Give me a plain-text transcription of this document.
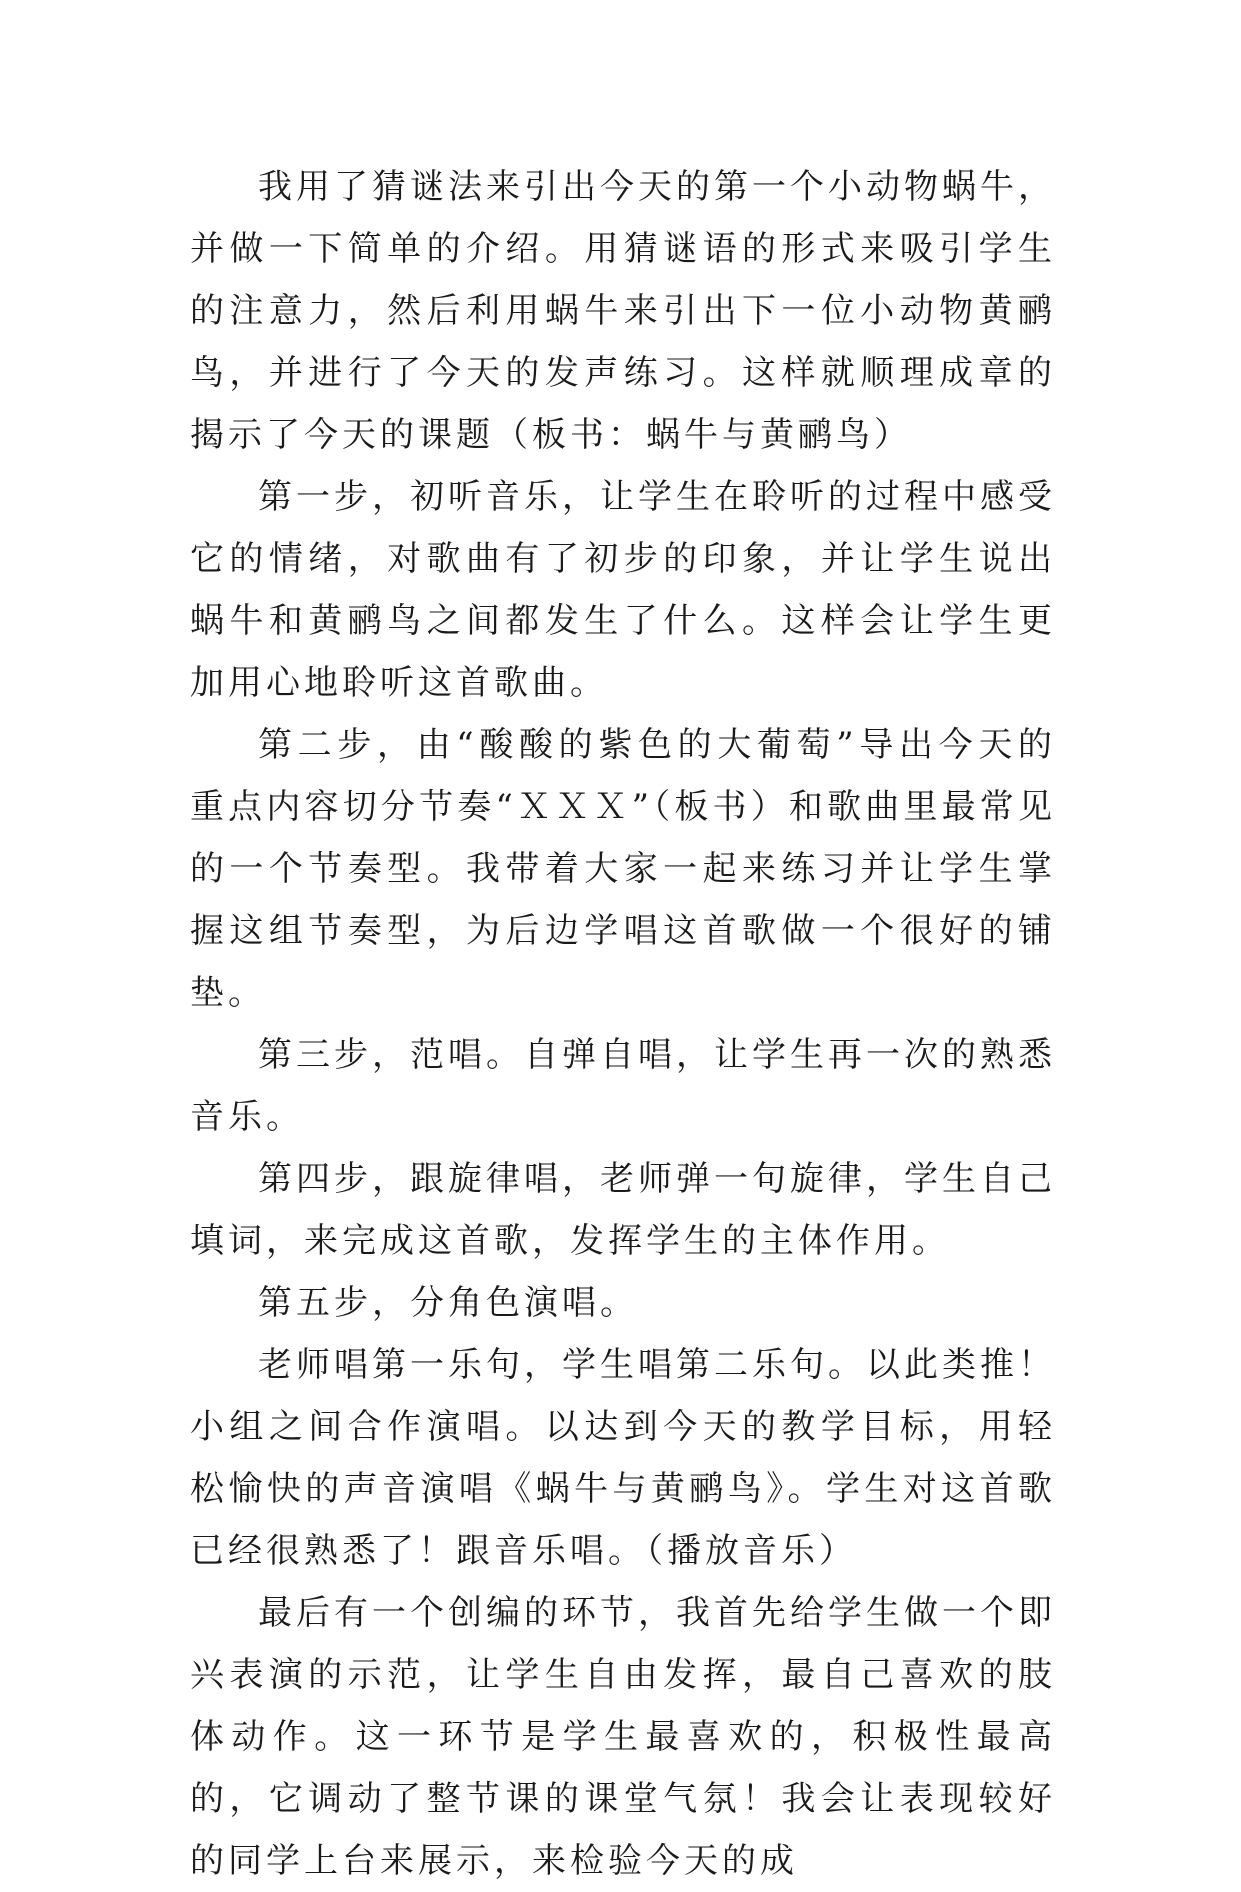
我用了猜谜法来引出今天的第一个小动物蜗牛，并做一下简单的介绍。用猜谜语的形式来吸引学生的注意力，然后利用蜗牛来引出下一位小动物黄鹂鸟，并进行了今天的发声练习。这样就顺理成章的揭示了今天的课题（板书：蜗牛与黄鹂鸟）

第一步，初听音乐，让学生在聆听的过程中感受它的情绪，对歌曲有了初步的印象，并让学生说出蜗牛和黄鹂鸟之间都发生了什么。这样会让学生更加用心地聆听这首歌曲。

第二步，由“酸酸的紫色的大葡萄”导出今天的重点内容切分节奏“ＸＸＸ”（板书）和歌曲里最常见的一个节奏型。我带着大家一起来练习并让学生掌握这组节奏型，为后边学唱这首歌做一个很好的铺垫。

第三步，范唱。自弹自唱，让学生再一次的熟悉音乐。

第四步，跟旋律唱，老师弹一句旋律，学生自己填词，来完成这首歌，发挥学生的主体作用。

第五步，分角色演唱。

老师唱第一乐句，学生唱第二乐句。以此类推！小组之间合作演唱。以达到今天的教学目标，用轻松愉快的声音演唱《蜗牛与黄鹂鸟》。学生对这首歌已经很熟悉了！跟音乐唱。（播放音乐）

最后有一个创编的环节，我首先给学生做一个即兴表演的示范，让学生自由发挥，最自己喜欢的肢体动作。这一环节是学生最喜欢的，积极性最高的，它调动了整节课的课堂气氛！我会让表现较好的同学上台来展示，来检验今天的成
